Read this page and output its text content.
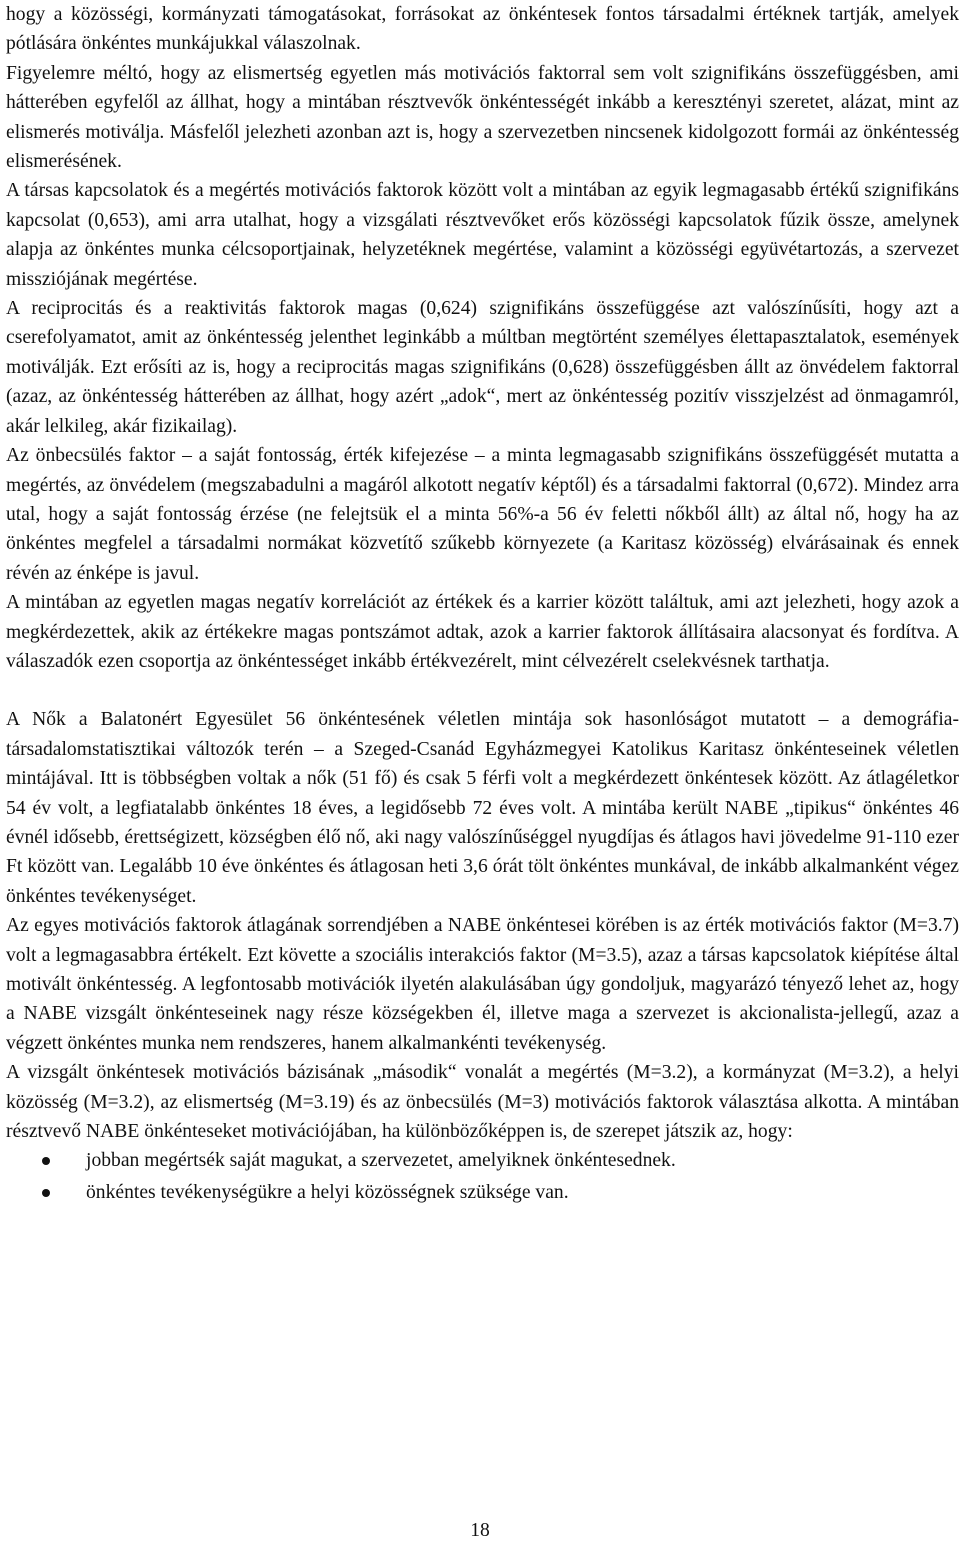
hogy a közösségi, kormányzati támogatásokat, forrásokat az önkéntesek fontos társadalmi értéknek tartják, amelyek pótlására önkéntes munkájukkal válaszolnak.

Figyelemre méltó, hogy az elismertség egyetlen más motivációs faktorral sem volt szignifikáns összefüggésben, ami hátterében egyfelől az állhat, hogy a mintában résztvevők önkéntességét inkább a keresztényi szeretet, alázat, mint az elismerés motiválja. Másfelől jelezheti azonban azt is, hogy a szervezetben nincsenek kidolgozott formái az önkéntesség elismerésének.

A társas kapcsolatok és a megértés motivációs faktorok között volt a mintában az egyik legmagasabb értékű szignifikáns kapcsolat (0,653), ami arra utalhat, hogy a vizsgálati résztvevőket erős közösségi kapcsolatok fűzik össze, amelynek alapja az önkéntes munka célcsoportjainak, helyzetéknek megértése, valamint a közösségi együvétartozás, a szervezet missziójának megértése.

A reciprocitás és a reaktivitás faktorok magas (0,624) szignifikáns összefüggése azt valószínűsíti, hogy azt a cserefolyamatot, amit az önkéntesség jelenthet leginkább a múltban megtörtént személyes élettapasztalatok, események motiválják. Ezt erősíti az is, hogy a reciprocitás magas szignifikáns (0,628) összefüggésben állt az önvédelem faktorral (azaz, az önkéntesség hátterében az állhat, hogy azért „adok“, mert az önkéntesség pozitív visszjelzést ad önmagamról, akár lelkileg, akár fizikailag).

Az önbecsülés faktor – a saját fontosság, érték kifejezése – a minta legmagasabb szignifikáns összefüggését mutatta a megértés, az önvédelem (megszabadulni a magáról alkotott negatív képtől) és a társadalmi faktorral (0,672). Mindez arra utal, hogy a saját fontosság érzése (ne felejtsük el a minta 56%-a 56 év feletti nőkből állt) az által nő, hogy ha az önkéntes megfelel a társadalmi normákat közvetítő szűkebb környezete (a Karitasz közösség) elvárásainak és ennek révén az énképe is javul.

A mintában az egyetlen magas negatív korrelációt az értékek és a karrier között találtuk, ami azt jelezheti, hogy azok a megkérdezettek, akik az értékekre magas pontszámot adtak, azok a karrier faktorok állításaira alacsonyat és fordítva. A válaszadók ezen csoportja az önkéntességet inkább értékvezérelt, mint célvezérelt cselekvésnek tarthatja.

A Nők a Balatonért Egyesület 56 önkéntesének véletlen mintája sok hasonlóságot mutatott – a demográfia-társadalomstatisztikai változók terén – a Szeged-Csanád Egyházmegyei Katolikus Karitasz önkénteseinek véletlen mintájával. Itt is többségben voltak a nők (51 fő) és csak 5 férfi volt a megkérdezett önkéntesek között. Az átlagéletkor 54 év volt, a legfiatalabb önkéntes 18 éves, a legidősebb 72 éves volt. A mintába került NABE „tipikus“ önkéntes 46 évnél idősebb, érettségizett, községben élő nő, aki nagy valószínűséggel nyugdíjas és átlagos havi jövedelme 91-110 ezer Ft között van. Legalább 10 éve önkéntes és átlagosan heti 3,6 órát tölt önkéntes munkával, de inkább alkalmanként végez önkéntes tevékenységet.

Az egyes motivációs faktorok átlagának sorrendjében a NABE önkéntesei körében is az érték motivációs faktor (M=3.7) volt a legmagasabbra értékelt. Ezt követte a szociális interakciós faktor (M=3.5), azaz a társas kapcsolatok kiépítése által motivált önkéntesség. A legfontosabb motivációk ilyetén alakulásában úgy gondoljuk, magyarázó tényező lehet az, hogy a NABE vizsgált önkénteseinek nagy része községekben él, illetve maga a szervezet is akcionalista-jellegű, azaz a végzett önkéntes munka nem rendszeres, hanem alkalmankénti tevékenység.

A vizsgált önkéntesek motivációs bázisának „második“ vonalát a megértés (M=3.2), a kormányzat (M=3.2), a helyi közösség (M=3.2), az elismertség (M=3.19) és az önbecsülés (M=3) motivációs faktorok választása alkotta. A mintában résztvevő NABE önkénteseket motivációjában, ha különbözőképpen is, de szerepet játszik az, hogy:

jobban megértsék saját magukat, a szervezetet, amelyiknek önkéntesednek.
önkéntes tevékenységükre a helyi közösségnek szüksége van.
18
